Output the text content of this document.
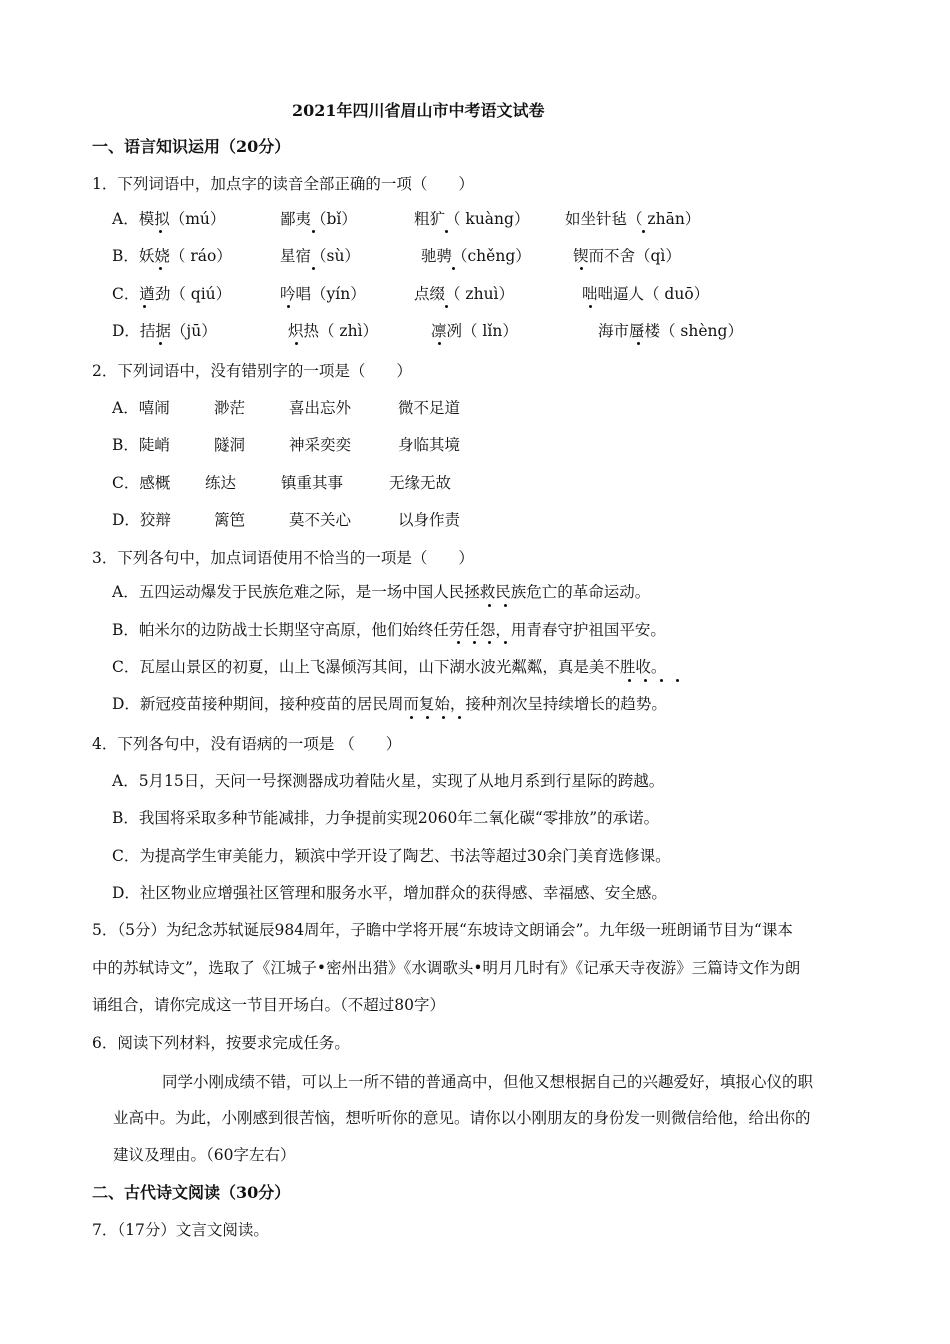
2021年四川省眉山市中考语文试卷
一、语言知识运用（20分）
1．下列词语中，加点字的读音全部正确的一项（　　）
A．模拟（mú）	鄙夷（bǐ）	粗犷（ kuàng） 如坐针毡（ zhān）
B．妖娆（ ráo）	星宿（sù）	驰骋（chěng）	锲而不舍（qì）
C．遒劲（ qiú）	吟唱（yín）	点缀（ zhuì）	咄咄逼人（ duō）
D．拮据（jū）	炽热（ zhì）	凛冽（ lǐn）	海市蜃楼（ shèng）
2．下列词语中，没有错别字的一项是（　　）
A．嘻闹	渺茫	喜出忘外	微不足道
B．陡峭	隧洞	神采奕奕	身临其境
C．感概 练达	镇重其事	无缘无故
D．狡辩	篱笆	莫不关心	以身作责
3．下列各句中，加点词语使用不恰当的一项是（　　）
A．五四运动爆发于民族危难之际，是一场中国人民拯救民族危亡的革命运动。
B．帕米尔的边防战士长期坚守高原，他们始终任劳任怨，用青春守护祖国平安。
C．瓦屋山景区的初夏，山上飞瀑倾泻其间，山下湖水波光粼粼，真是美不胜收。
D．新冠疫苗接种期间，接种疫苗的居民周而复始，接种剂次呈持续增长的趋势。
4．下列各句中，没有语病的一项是 （　　）
A．5月15日，天问一号探测器成功着陆火星，实现了从地月系到行星际的跨越。
B．我国将采取多种节能减排，力争提前实现2060年二氧化碳“零排放”的承诺。
C．为提高学生审美能力，颖滨中学开设了陶艺、书法等超过30余门美育选修课。
D．社区物业应增强社区管理和服务水平，增加群众的获得感、幸福感、安全感。
5．（5分）为纪念苏轼诞辰984周年，子瞻中学将开展“东坡诗文朗诵会”。九年级一班朗诵节目为“课本
中的苏轼诗文”，选取了《江城子•密州出猎》《水调歌头•明月几时有》《记承天寺夜游》三篇诗文作为朗
诵组合，请你完成这一节目开场白。（不超过80字）
6．阅读下列材料，按要求完成任务。
同学小刚成绩不错，可以上一所不错的普通高中，但他又想根据自己的兴趣爱好，填报心仪的职
业高中。为此，小刚感到很苦恼，想听听你的意见。请你以小刚朋友的身份发一则微信给他，给出你的
建议及理由。（60字左右）
二、古代诗文阅读（30分）
7．（17分）文言文阅读。
